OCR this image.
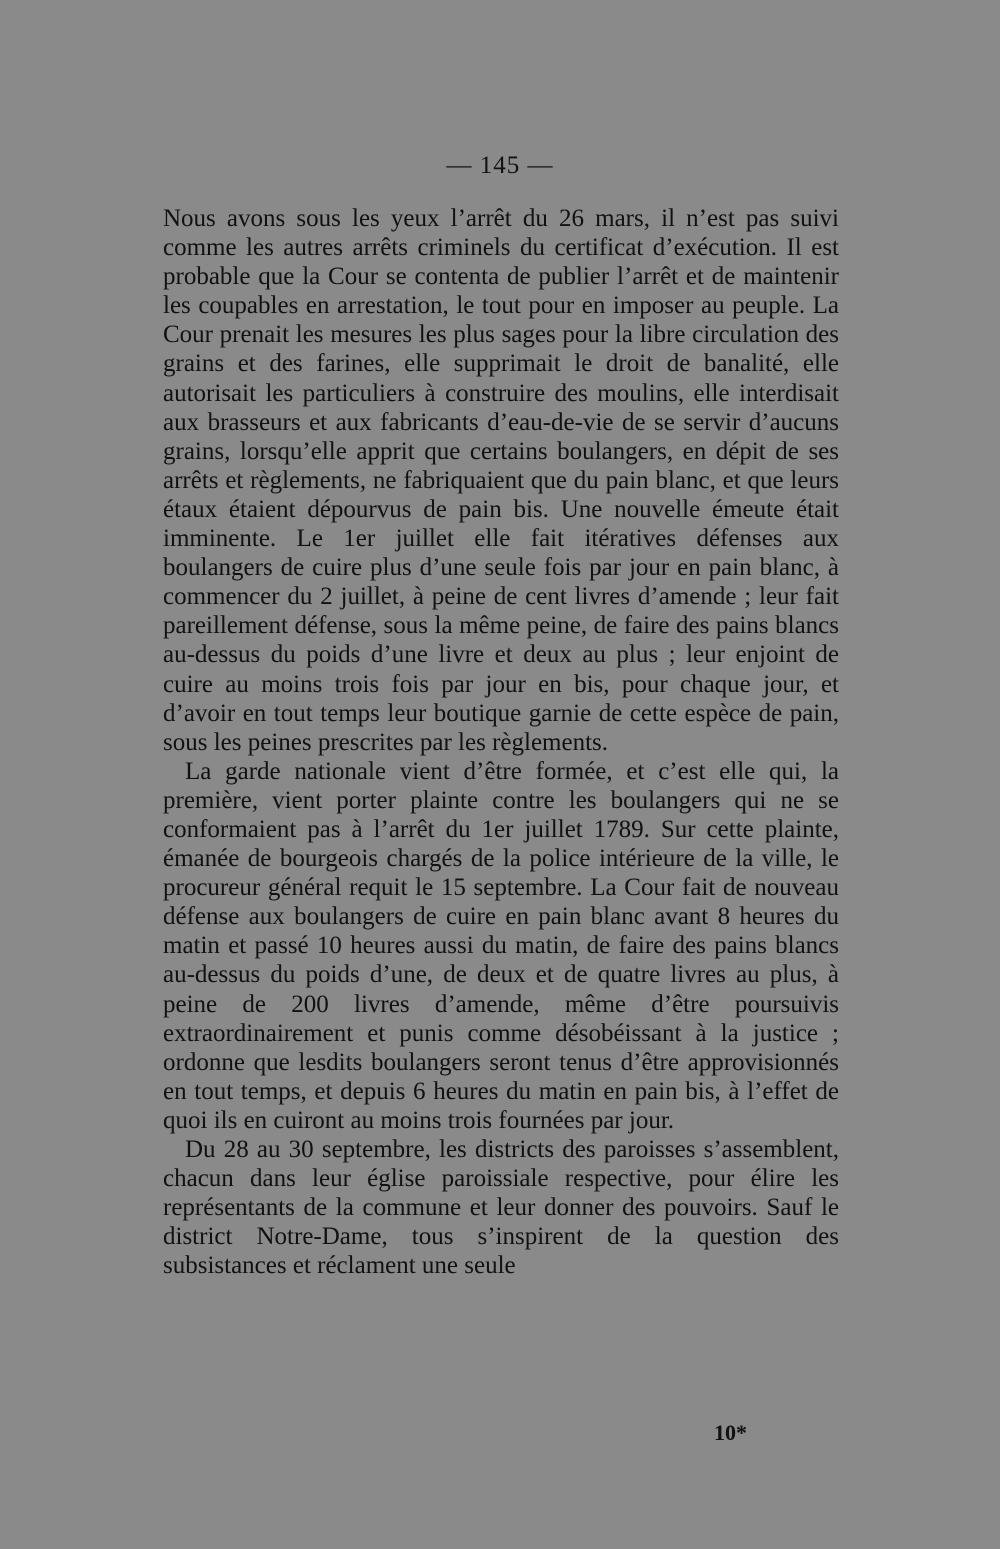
— 145 —

Nous avons sous les yeux l’arrêt du 26 mars, il n’est pas suivi comme les autres arrêts criminels du certificat d’exécution. Il est probable que la Cour se contenta de publier l’arrêt et de maintenir les coupables en arrestation, le tout pour en imposer au peuple. La Cour prenait les mesures les plus sages pour la libre circulation des grains et des farines, elle supprimait le droit de banalité, elle autorisait les particuliers à construire des moulins, elle interdisait aux brasseurs et aux fabricants d’eau-de-vie de se servir d’aucuns grains, lorsqu’elle apprit que certains boulangers, en dépit de ses arrêts et règlements, ne fabriquaient que du pain blanc, et que leurs étaux étaient dépourvus de pain bis. Une nouvelle émeute était imminente. Le 1er juillet elle fait itératives défenses aux boulangers de cuire plus d’une seule fois par jour en pain blanc, à commencer du 2 juillet, à peine de cent livres d’amende ; leur fait pareillement défense, sous la même peine, de faire des pains blancs au-dessus du poids d’une livre et deux au plus ; leur enjoint de cuire au moins trois fois par jour en bis, pour chaque jour, et d’avoir en tout temps leur boutique garnie de cette espèce de pain, sous les peines prescrites par les règlements.

La garde nationale vient d’être formée, et c’est elle qui, la première, vient porter plainte contre les boulangers qui ne se conformaient pas à l’arrêt du 1er juillet 1789. Sur cette plainte, émanée de bourgeois chargés de la police intérieure de la ville, le procureur général requit le 15 septembre. La Cour fait de nouveau défense aux boulangers de cuire en pain blanc avant 8 heures du matin et passé 10 heures aussi du matin, de faire des pains blancs au-dessus du poids d’une, de deux et de quatre livres au plus, à peine de 200 livres d’amende, même d’être poursuivis extraordinairement et punis comme désobéissant à la justice ; ordonne que lesdits boulangers seront tenus d’être approvisionnés en tout temps, et depuis 6 heures du matin en pain bis, à l’effet de quoi ils en cuiront au moins trois fournées par jour.

Du 28 au 30 septembre, les districts des paroisses s’assemblent, chacun dans leur église paroissiale respective, pour élire les représentants de la commune et leur donner des pouvoirs. Sauf le district Notre-Dame, tous s’inspirent de la question des subsistances et réclament une seule

10*
